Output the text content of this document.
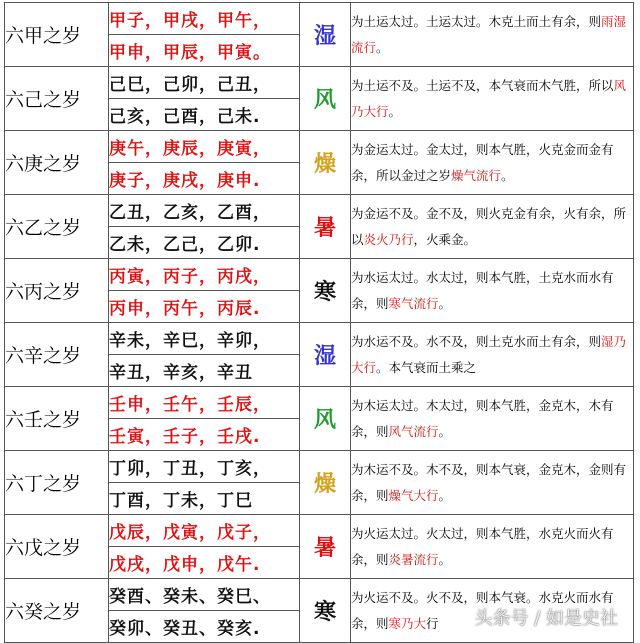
六甲之岁	甲子，甲戌，甲午，	湿	为土运太过。土运太过。木克土而土有余，则雨湿流行。
	甲申，甲辰，甲寅。		
六己之岁	己巳，己卯，己丑，	风	为土运不及。土运不及，本气衰而木气胜，所以风乃大行。
	己亥，己酉，己未.		
六庚之岁	庚午，庚辰，庚寅，	燥	为金运太过。金太过，则本气胜，火克金而金有余，所以金过之岁燥气流行。
	庚子，庚戌，庚申.		
六乙之岁	乙丑，乙亥，乙酉，	暑	为金运不及。金不及，则火克金有余，火有余，所以炎火乃行，火乘金。
	乙未，乙己，乙卯.		
六丙之岁	丙寅，丙子，丙戌，	寒	为水运太过。水太过，则本气胜，土克水而水有余，则寒气流行。
	丙申，丙午，丙辰.		
六辛之岁	辛未，辛巳，辛卯，	湿	为水运不及。水不及，则土克水而土有余，则湿乃大行。本气衰而土乘之
	辛丑，辛亥，辛丑		
六壬之岁	壬申，壬午，壬辰，	风	为木运太过。木太过，则本气胜，金克木，木有余，则风气流行。
	壬寅，壬子，壬戌.		
六丁之岁	丁卯，丁丑，丁亥，	燥	为木运不及。木不及，则本气衰，金克木，金则有余，则燥气大行。
	丁酉，丁未，丁巳		
六戊之岁	戊辰，戊寅，戊子，	暑	为火运太过。火太过，则本气胜，水克火而火有余，则炎暑流行。
	戊戌，戊申，戊午.		
六癸之岁	癸酉、癸未、癸巳、	寒	为火运不及。火不及，则本气衰。水克火而水有余，则寒乃大行
	癸卯、癸丑、癸亥.			头条号 / 如是史社
